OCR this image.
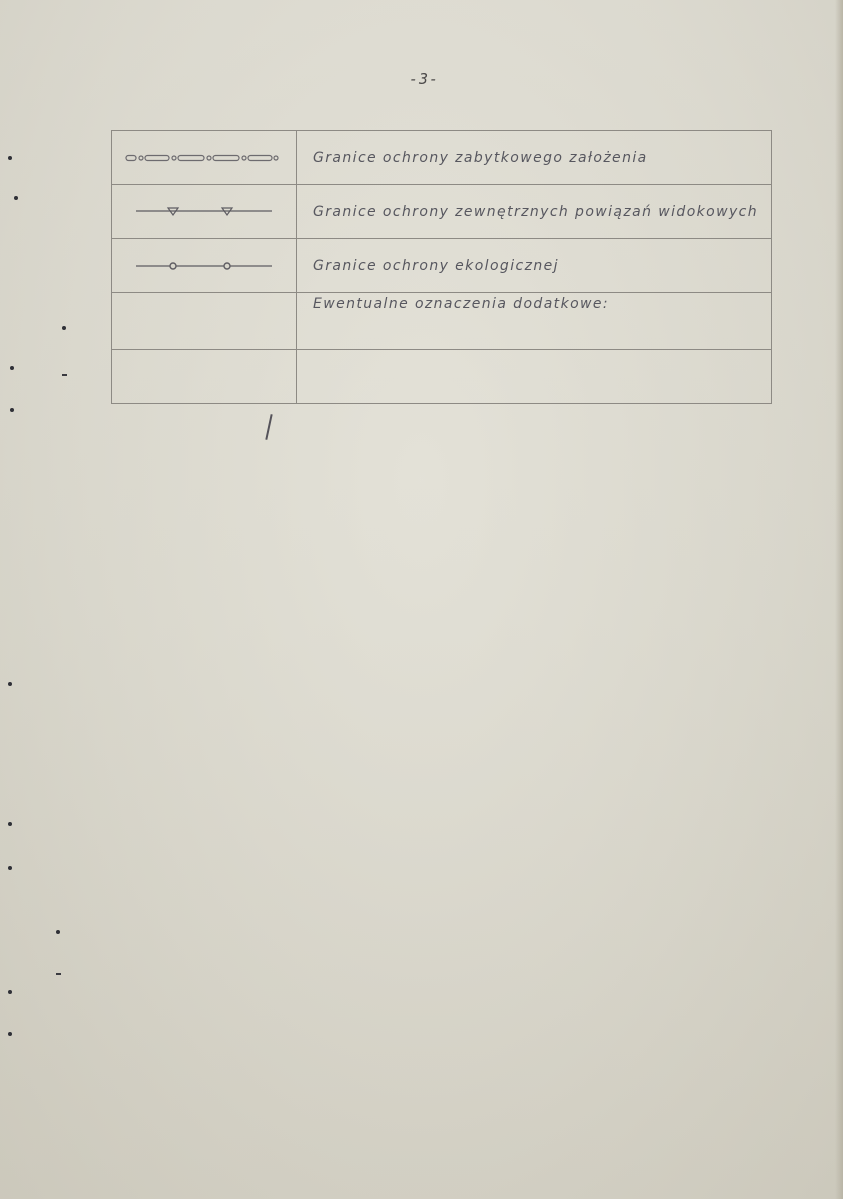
-3-
	Granice ochrony zabytkowego założenia

	Granice ochrony zewnętrznych powiązań widokowych

	Granice ochrony ekologicznej
	Ewentualne oznaczenia dodatkowe:
